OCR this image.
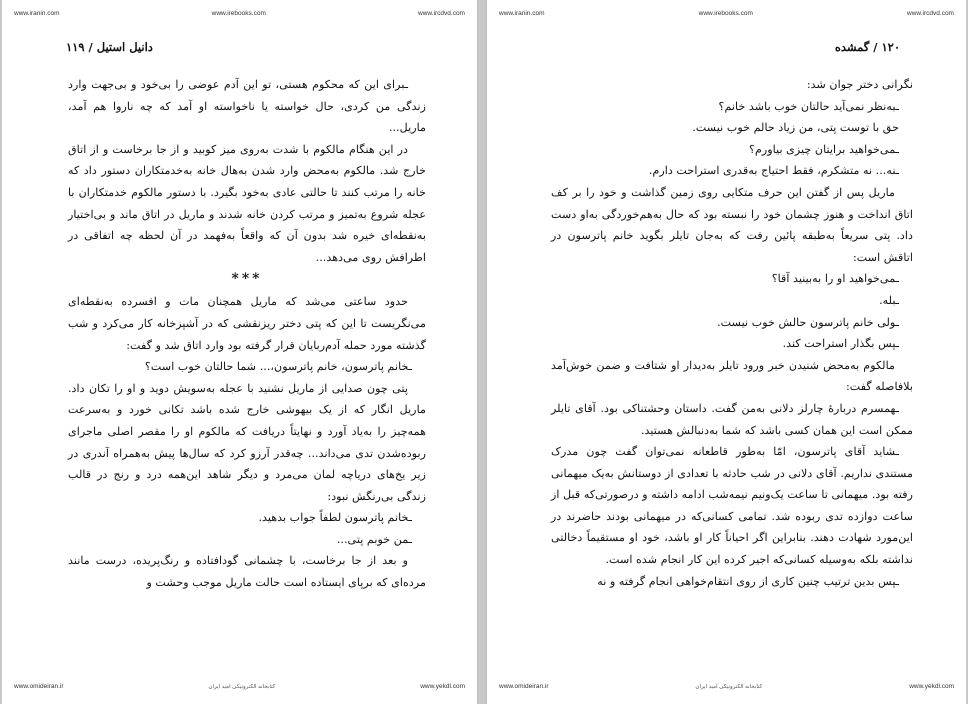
www.iranin.com	www.irebooks.com	www.ircdvd.com
دانیل استیل / ۱۱۹

ـبرای این که محکوم هستی، تو این آدم عوضی را بی‌خود و بی‌جهت وارد زندگی من کردی، حال خواسته یا ناخواسته او آمد که چه ناروا هم آمد، ماریل...

در این هنگام مالکوم با شدت به‌روی میز کوبید و از جا برخاست و از اتاق خارج شد. مالکوم به‌محض وارد شدن به‌هال خانه به‌خدمتکاران دستور داد که خانه را مرتب کنند تا حالتی عادی به‌خود بگیرد. با دستور مالکوم خدمتکاران با عجله شروع به‌تمیز و مرتب کردن خانه شدند و ماریل در اتاق ماند و بی‌اختیار به‌نقطه‌ای خیره شد بدون آن که واقعاً به‌فهمد در آن لحظه چه اتفاقی در اطرافش روی می‌دهد...

***

حدود ساعتی می‌شد که ماریل همچنان مات و افسرده به‌نقطه‌ای می‌نگریست تا این که پتی دختر ریزنقشی که در آشپزخانه کار می‌کرد و شب گذشته مورد حمله آدم‌ربایان قرار گرفته بود وارد اتاق شد و گفت:

ـخانم پاترسون، خانم پاترسون،... شما حالتان خوب است؟

پتی چون صدایی از ماریل نشنید با عجله به‌سویش دوید و او را تکان داد. ماریل انگار که از یک بیهوشی خارج شده باشد تکانی خورد و به‌سرعت همه‌چیز را به‌یاد آورد و نهایتاً دریافت که مالکوم او را مقصر اصلی ماجرای ربوده‌شدن تدی می‌داند... چه‌قدر آرزو کرد که سال‌ها پیش به‌همراه آندری در زیر یخ‌های دریاچه لمان می‌مرد و دیگر شاهد این‌همه درد و رنج در قالب زندگی بی‌رنگش نبود:

ـخانم پاترسون لطفاً جواب بدهید.

ـمن خوبم پتی...

و بعد از جا برخاست، با چشمانی گودافتاده و رنگ‌پریده، درست مانند مرده‌ای که برپای ایستاده است حالت ماریل موجب وحشت و

www.omideiran.ir	کتابخانه الکترونیکی امید ایران	www.yekdl.com
www.iranin.com	www.irebooks.com	www.ircdvd.com
۱۲۰ / گمشده

نگرانی دختر جوان شد:

ـبه‌نظر نمی‌آید حالتان خوب باشد خانم؟

حق با توست پتی، من زیاد حالم خوب نیست.

ـمی‌خواهید برایتان چیزی بیاورم؟

ـنه... نه متشکرم، فقط احتیاج به‌قدری استراحت دارم.

ماریل پس از گفتن این حرف متکایی روی زمین گذاشت و خود را بر کف اتاق انداخت و هنوز چشمان خود را نبسته بود که حال به‌هم‌خوردگی به‌او دست داد. پتی سریعاً به‌طبقه پائین رفت که به‌جان تایلر بگوید خانم پاترسون در اتاقش است:

ـمی‌خواهید او را به‌بینید آقا؟

ـبله.

ـولی خانم پاترسون حالش خوب نیست.

ـپس بگذار استراحت کند.

مالکوم به‌محض شنیدن خبر ورود تایلر به‌دیدار او شتافت و ضمن خوش‌آمد بلافاصله گفت:

ـهمسرم درباره‌ٔ چارلز دلانی به‌من گفت. داستان وحشتناکی بود. آقای تایلر ممکن است این همان کسی باشد که شما به‌دنبالش هستید.

ـشاید آقای پاترسون، امّا به‌طور قاطعانه نمی‌توان گفت چون مدرک مستندی نداریم. آقای دلانی در شب حادثه با تعدادی از دوستانش به‌یک میهمانی رفته بود. میهمانی تا ساعت یک‌ونیم نیمه‌شب ادامه داشته و درصورتی‌که قبل از ساعت دوازده تدی ربوده شد. تمامی کسانی‌که در میهمانی بودند حاضرند در این‌مورد شهادت دهند. بنابراین اگر احیاناً کار او باشد، خود او مستقیماً دخالتی نداشته بلکه به‌وسیله کسانی‌که اجیر کرده این کار انجام شده است.

ـپس بدین ترتیب چنین کاری از روی انتقام‌خواهی انجام گرفته و نه

www.omideiran.ir	کتابخانه الکترونیکی امید ایران	www.yekdl.com
